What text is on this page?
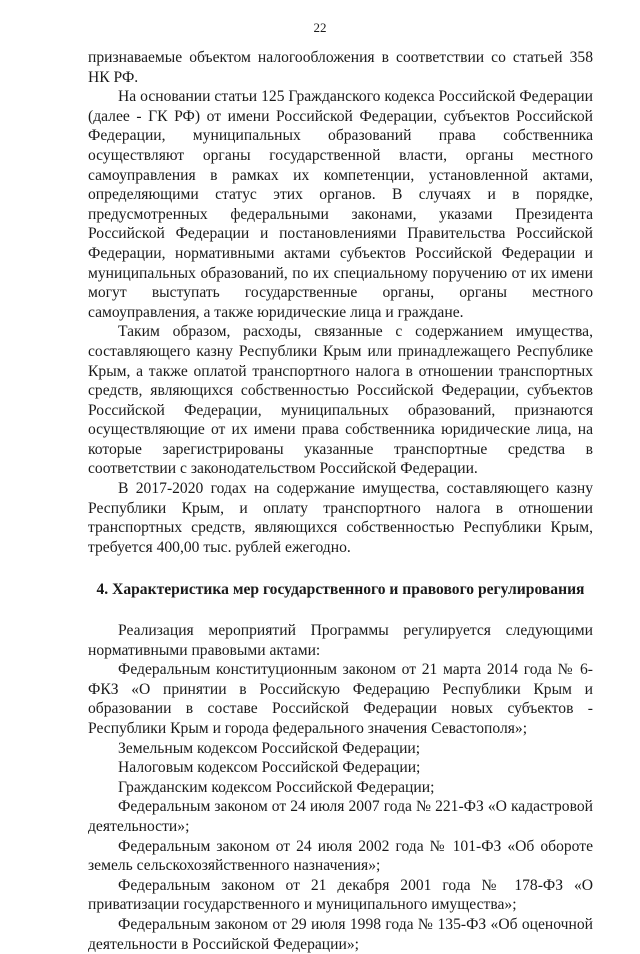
22

признаваемые объектом налогообложения в соответствии со статьей 358 НК РФ.

На основании статьи 125 Гражданского кодекса Российской Федерации (далее - ГК РФ) от имени Российской Федерации, субъектов Российской Федерации, муниципальных образований права собственника осуществляют органы государственной власти, органы местного самоуправления в рамках их компетенции, установленной актами, определяющими статус этих органов. В случаях и в порядке, предусмотренных федеральными законами, указами Президента Российской Федерации и постановлениями Правительства Российской Федерации, нормативными актами субъектов Российской Федерации и муниципальных образований, по их специальному поручению от их имени могут выступать государственные органы, органы местного самоуправления, а также юридические лица и граждане.

Таким образом, расходы, связанные с содержанием имущества, составляющего казну Республики Крым или принадлежащего Республике Крым, а также оплатой транспортного налога в отношении транспортных средств, являющихся собственностью Российской Федерации, субъектов Российской Федерации, муниципальных образований, признаются осуществляющие от их имени права собственника юридические лица, на которые зарегистрированы указанные транспортные средства в соответствии с законодательством Российской Федерации.

В 2017-2020 годах на содержание имущества, составляющего казну Республики Крым, и оплату транспортного налога в отношении транспортных средств, являющихся собственностью Республики Крым, требуется 400,00 тыс. рублей ежегодно.

4. Характеристика мер государственного и правового регулирования

Реализация мероприятий Программы регулируется следующими нормативными правовыми актами:

Федеральным конституционным законом от 21 марта 2014 года № 6-ФКЗ «О принятии в Российскую Федерацию Республики Крым и образовании в составе Российской Федерации новых субъектов - Республики Крым и города федерального значения Севастополя»;

Земельным кодексом Российской Федерации;

Налоговым кодексом Российской Федерации;

Гражданским кодексом Российской Федерации;

Федеральным законом от 24 июля 2007 года № 221-ФЗ «О кадастровой деятельности»;

Федеральным законом от 24 июля 2002 года № 101-ФЗ «Об обороте земель сельскохозяйственного назначения»;

Федеральным законом от 21 декабря 2001 года № 178-ФЗ «О приватизации государственного и муниципального имущества»;

Федеральным законом от 29 июля 1998 года № 135-ФЗ «Об оценочной деятельности в Российской Федерации»;
